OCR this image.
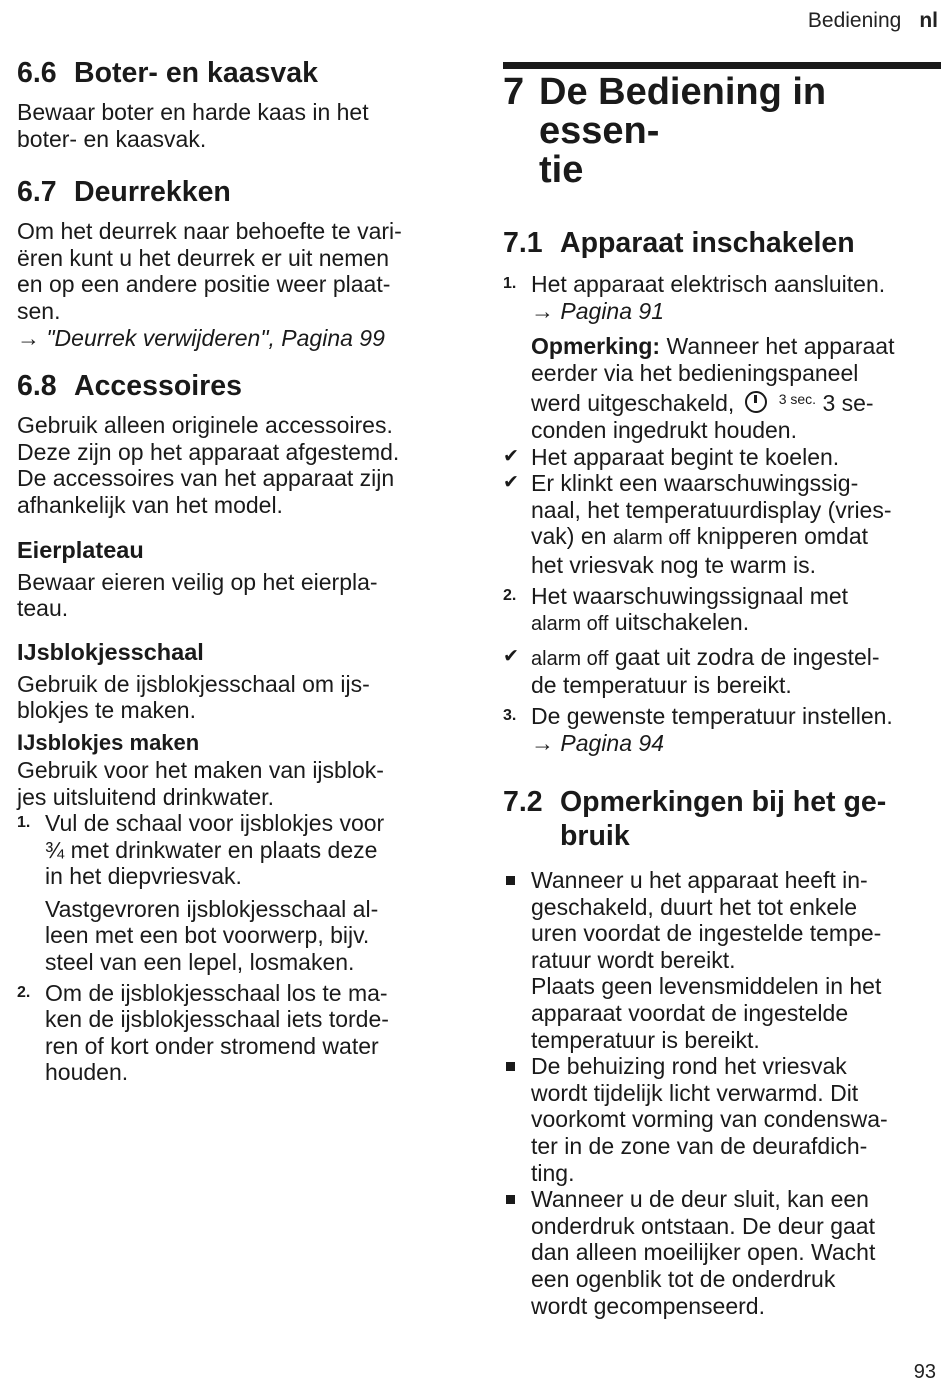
Bediening nl
6.6 Boter- en kaasvak
Bewaar boter en harde kaas in het
boter- en kaasvak.
6.7 Deurrekken
Om het deurrek naar behoefte te vari-
ëren kunt u het deurrek er uit nemen
en op een andere positie weer plaat-
sen.
→ "Deurrek verwijderen", Pagina 99
6.8 Accessoires
Gebruik alleen originele accessoires.
Deze zijn op het apparaat afgestemd.
De accessoires van het apparaat zijn
afhankelijk van het model.
Eierplateau
Bewaar eieren veilig op het eierpla-
teau.
IJsblokjesschaal
Gebruik de ijsblokjesschaal om ijs-
blokjes te maken.
IJsblokjes maken
Gebruik voor het maken van ijsblok-
jes uitsluitend drinkwater.
1. Vul de schaal voor ijsblokjes voor
¾ met drinkwater en plaats deze
in het diepvriesvak.
Vastgevroren ijsblokjesschaal al-
leen met een bot voorwerp, bijv.
steel van een lepel, losmaken.
2. Om de ijsblokjesschaal los te ma-
ken de ijsblokjesschaal iets torde-
ren of kort onder stromend water
houden.
7 De Bediening in essen-
tie
7.1 Apparaat inschakelen
1. Het apparaat elektrisch aansluiten.
→ Pagina 91
Opmerking: Wanneer het apparaat
eerder via het bedieningspaneel
werd uitgeschakeld,	$^{3 sec.}$ 3 se-
conden ingedrukt houden.
✔ Het apparaat begint te koelen.
✔ Er klinkt een waarschuwingssig-
naal, het temperatuurdisplay (vries-
vak) en alarm off knipperen omdat
het vriesvak nog te warm is.
2. Het waarschuwingssignaal met
alarm off uitschakelen.
✔ alarm off gaat uit zodra de ingestel-
de temperatuur is bereikt.
3. De gewenste temperatuur instellen.
→ Pagina 94
7.2 Opmerkingen bij het ge-
bruik
Wanneer u het apparaat heeft in-
geschakeld, duurt het tot enkele
uren voordat de ingestelde tempe-
ratuur wordt bereikt.
Plaats geen levensmiddelen in het
apparaat voordat de ingestelde
temperatuur is bereikt.
De behuizing rond het vriesvak
wordt tijdelijk licht verwarmd. Dit
voorkomt vorming van condenswa-
ter in de zone van de deurafdich-
ting.
Wanneer u de deur sluit, kan een
onderdruk ontstaan. De deur gaat
dan alleen moeilijker open. Wacht
een ogenblik tot de onderdruk
wordt gecompenseerd.
93
